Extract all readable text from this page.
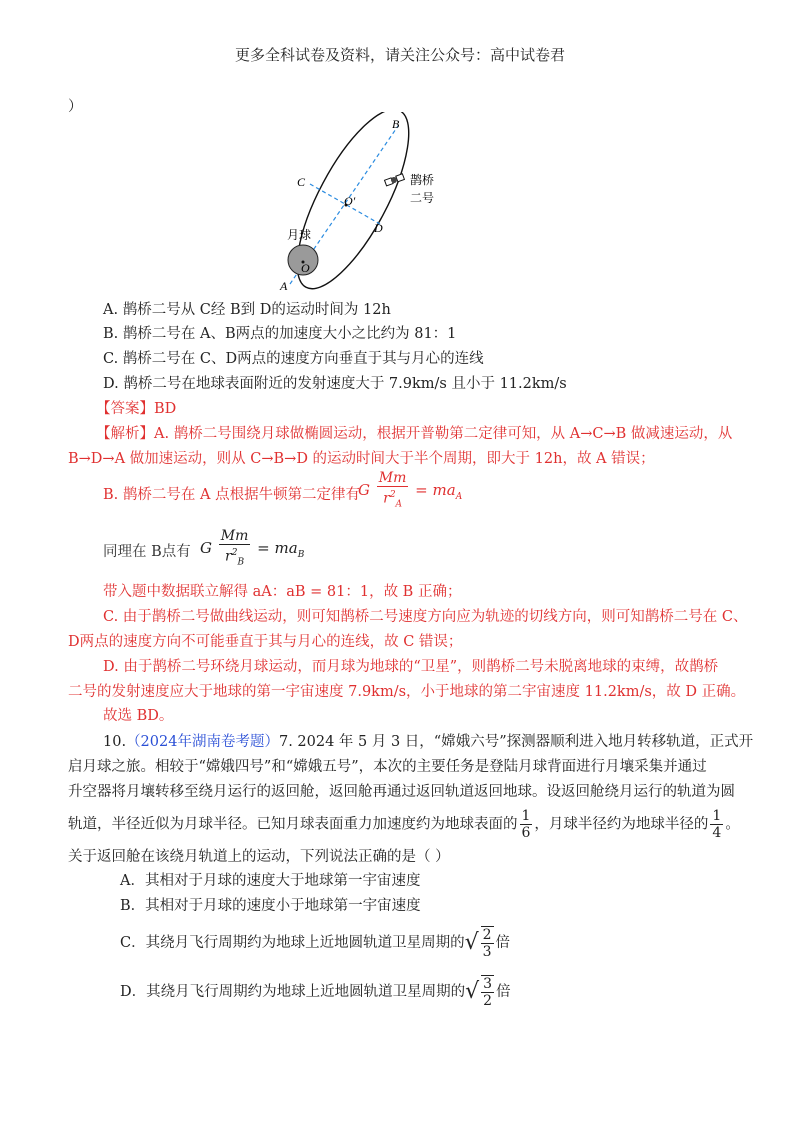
更多全科试卷及资料，请关注公众号：高中试卷君
）
B
C
O′
D
月球
O
A
鹊桥
二号
A. 鹊桥二号从 C经 B到 D的运动时间为 12h
B. 鹊桥二号在 A、B两点的加速度大小之比约为 81：1
C. 鹊桥二号在 C、D两点的速度方向垂直于其与月心的连线
D. 鹊桥二号在地球表面附近的发射速度大于 7.9km/s 且小于 11.2km/s
【答案】BD
【解析】A. 鹊桥二号围绕月球做椭圆运动，根据开普勒第二定律可知，从 A→C→B 做减速运动，从
B→D→A 做加速运动，则从 C→B→D 的运动时间大于半个周期，即大于 12h，故 A 错误；
B. 鹊桥二号在 A 点根据牛顿第二定律有
G $\frac{Mm}{r^2_A} = ma_A$
同理在 B点有 G $\frac{Mm}{r^2_B} = ma_B$
带入题中数据联立解得 aA：aB = 81：1，故 B 正确；
C. 由于鹊桥二号做曲线运动，则可知鹊桥二号速度方向应为轨迹的切线方向，则可知鹊桥二号在 C、
D两点的速度方向不可能垂直于其与月心的连线，故 C 错误；
D. 由于鹊桥二号环绕月球运动，而月球为地球的“卫星”，则鹊桥二号未脱离地球的束缚，故鹊桥
二号的发射速度应大于地球的第一宇宙速度 7.9km/s，小于地球的第二宇宙速度 11.2km/s，故 D 正确。
故选 BD。
10.（2024年湖南卷考题）7. 2024 年 5 月 3 日，“嫦娥六号”探测器顺利进入地月转移轨道，正式开
启月球之旅。相较于“嫦娥四号”和“嫦娥五号”，本次的主要任务是登陆月球背面进行月壤采集并通过
升空器将月壤转移至绕月运行的返回舱，返回舱再通过返回轨道返回地球。设返回舱绕月运行的轨道为圆
轨道，半径近似为月球半径。已知月球表面重力加速度约为地球表面的 $\frac{1}{6}$ ，月球半径约为地球半径的 $\frac{1}{4}$ 。
关于返回舱在该绕月轨道上的运动，下列说法正确的是（ ）
A．其相对于月球的速度大于地球第一宇宙速度
B．其相对于月球的速度小于地球第一宇宙速度
C．其绕月飞行周期约为地球上近地圆轨道卫星周期的√ $\frac{2}{3}$ 倍
D．其绕月飞行周期约为地球上近地圆轨道卫星周期的√ $\frac{3}{2}$ 倍
